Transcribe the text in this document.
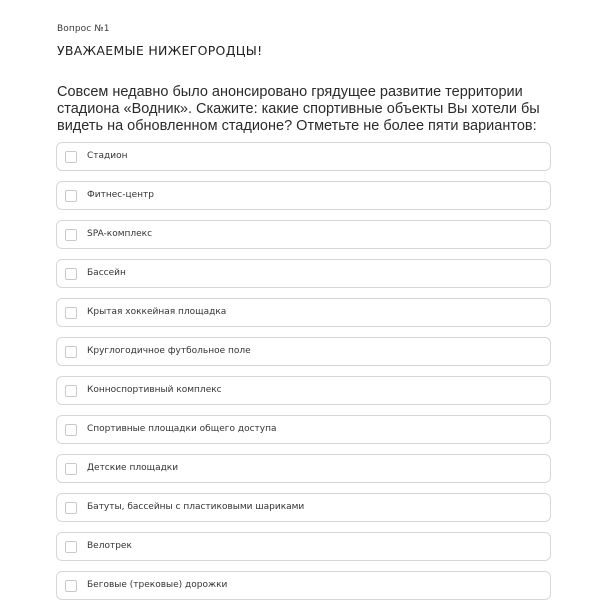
Вопрос №1
УВАЖАЕМЫЕ НИЖЕГОРОДЦЫ!
Совсем недавно было анонсировано грядущее развитие территории
стадиона «Водник». Скажите: какие спортивные объекты Вы хотели бы
видеть на обновленном стадионе? Отметьте не более пяти вариантов:
Стадион
Фитнес-центр
SPA-комплекс
Бассейн
Крытая хоккейная площадка
Круглогодичное футбольное поле
Конноспортивный комплекс
Спортивные площадки общего доступа
Детские площадки
Батуты, бассейны с пластиковыми шариками
Велотрек
Беговые (трековые) дорожки
